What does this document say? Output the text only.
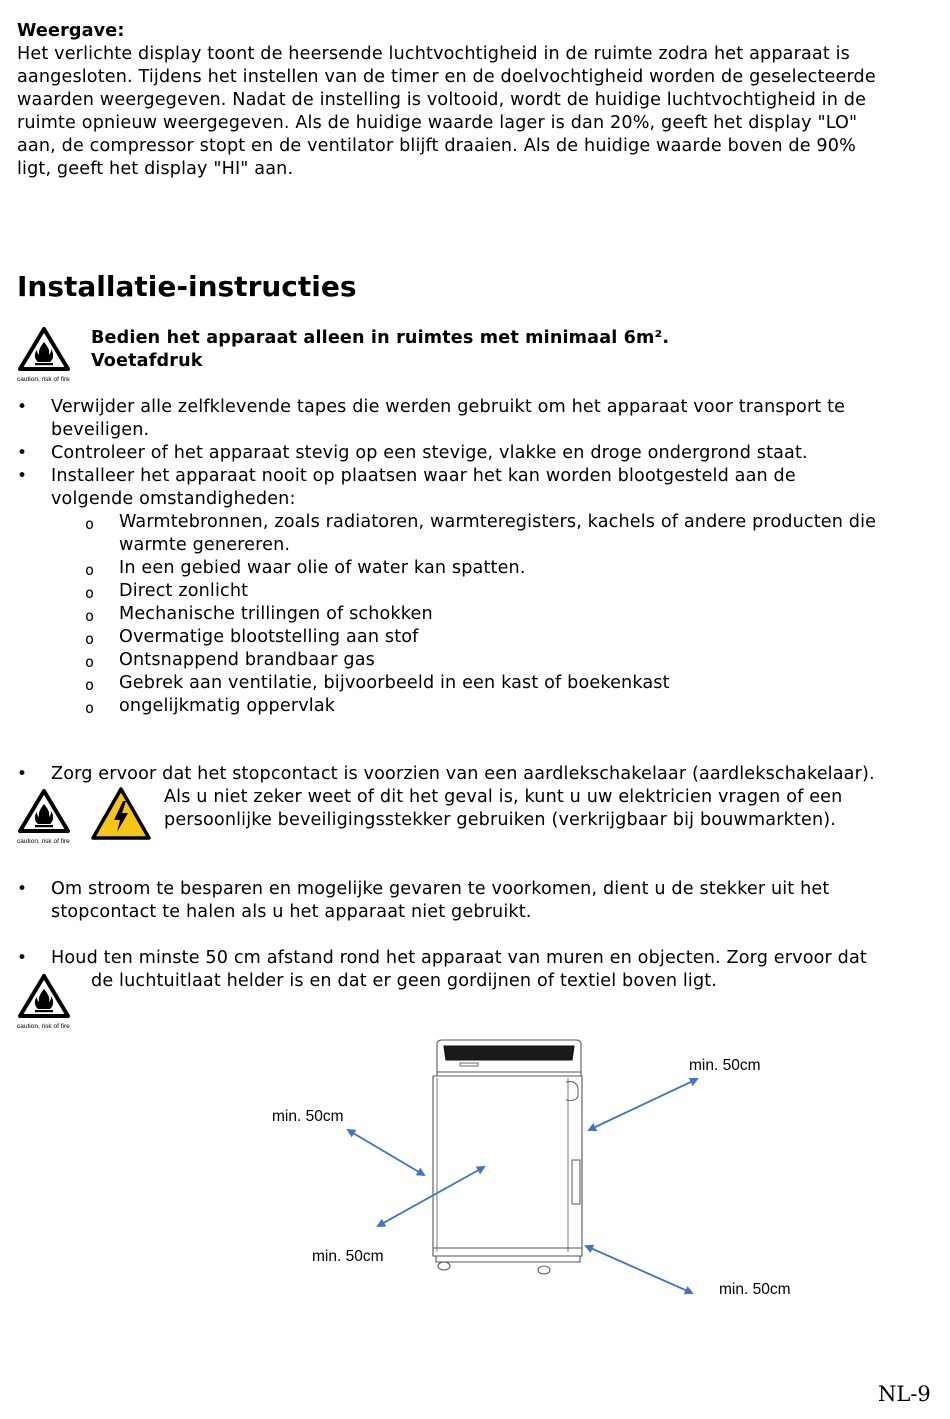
Weergave:
Het verlichte display toont de heersende luchtvochtigheid in de ruimte zodra het apparaat is
aangesloten. Tijdens het instellen van de timer en de doelvochtigheid worden de geselecteerde
waarden weergegeven. Nadat de instelling is voltooid, wordt de huidige luchtvochtigheid in de
ruimte opnieuw weergegeven. Als de huidige waarde lager is dan 20%, geeft het display "LO"
aan, de compressor stopt en de ventilator blijft draaien. Als de huidige waarde boven de 90%
ligt, geeft het display "HI" aan.
Installatie-instructies
caution, risk of fire
Bedien het apparaat alleen in ruimtes met minimaal 6m².
Voetafdruk
• Verwijder alle zelfklevende tapes die werden gebruikt om het apparaat voor transport te
beveiligen.
• Controleer of het apparaat stevig op een stevige, vlakke en droge ondergrond staat.
• Installeer het apparaat nooit op plaatsen waar het kan worden blootgesteld aan de
volgende omstandigheden:
o Warmtebronnen, zoals radiatoren, warmteregisters, kachels of andere producten die
warmte genereren.
o In een gebied waar olie of water kan spatten.
o Direct zonlicht
o Mechanische trillingen of schokken
o Overmatige blootstelling aan stof
o Ontsnappend brandbaar gas
o Gebrek aan ventilatie, bijvoorbeeld in een kast of boekenkast
o ongelijkmatig oppervlak
• Zorg ervoor dat het stopcontact is voorzien van een aardlekschakelaar (aardlekschakelaar).
caution, risk of fire
Als u niet zeker weet of dit het geval is, kunt u uw elektricien vragen of een
persoonlijke beveiligingsstekker gebruiken (verkrijgbaar bij bouwmarkten).
• Om stroom te besparen en mogelijke gevaren te voorkomen, dient u de stekker uit het
stopcontact te halen als u het apparaat niet gebruikt.
• Houd ten minste 50 cm afstand rond het apparaat van muren en objecten. Zorg ervoor dat
de luchtuitlaat helder is en dat er geen gordijnen of textiel boven ligt.
caution, risk of fire
min. 50cm
min. 50cm
min. 50cm
min. 50cm
NL-9
